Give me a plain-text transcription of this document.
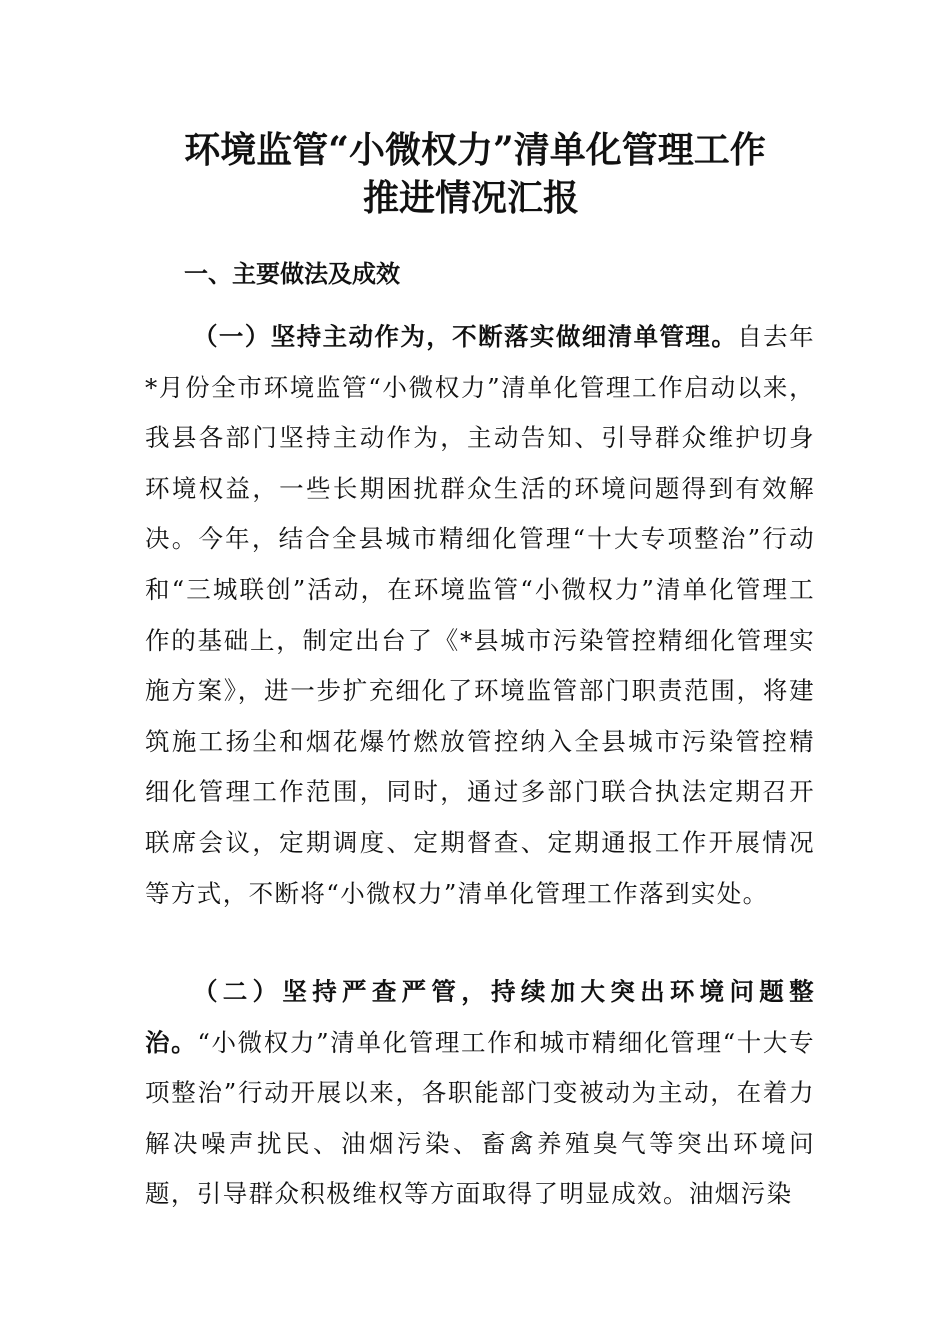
环境监管“小微权力”清单化管理工作
推进情况汇报
一、主要做法及成效
（一）坚持主动作为，不断落实做细清单管理。自去年*月份全市环境监管“小微权力”清单化管理工作启动以来，我县各部门坚持主动作为，主动告知、引导群众维护切身环境权益，一些长期困扰群众生活的环境问题得到有效解决。今年，结合全县城市精细化管理“十大专项整治”行动和“三城联创”活动，在环境监管“小微权力”清单化管理工作的基础上，制定出台了《*县城市污染管控精细化管理实施方案》，进一步扩充细化了环境监管部门职责范围，将建筑施工扬尘和烟花爆竹燃放管控纳入全县城市污染管控精细化管理工作范围，同时，通过多部门联合执法定期召开联席会议，定期调度、定期督查、定期通报工作开展情况等方式，不断将“小微权力”清单化管理工作落到实处。
（二）坚持严查严管，持续加大突出环境问题整治。“小微权力”清单化管理工作和城市精细化管理“十大专项整治”行动开展以来，各职能部门变被动为主动，在着力解决噪声扰民、油烟污染、畜禽养殖臭气等突出环境问题，引导群众积极维权等方面取得了明显成效。油烟污染
